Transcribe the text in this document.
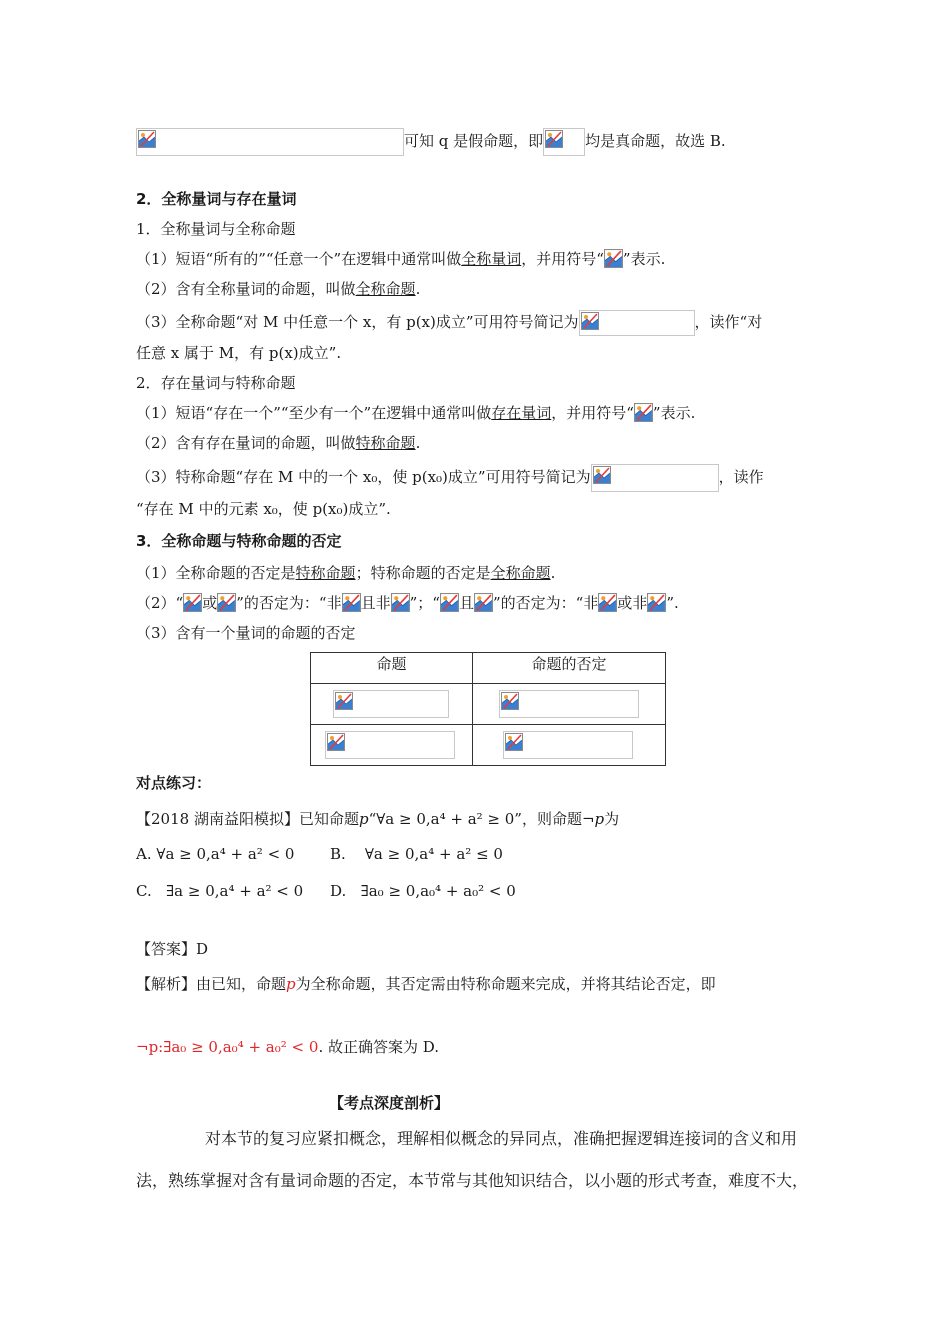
可知 q 是假命题，即	均是真命题，故选 B.
2．全称量词与存在量词
1．全称量词与全称命题
（1）短语“所有的”“任意一个”在逻辑中通常叫做全称量词，并用符号“ ”表示.
（2）含有全称量词的命题，叫做全称命题.
（3）全称命题“对 M 中任意一个 x，有 p(x)成立”可用符号简记为	，读作“对
任意 x 属于 M，有 p(x)成立”.
2．存在量词与特称命题
（1）短语“存在一个”“至少有一个”在逻辑中通常叫做存在量词，并用符号“ ”表示.
（2）含有存在量词的命题，叫做特称命题.
（3）特称命题“存在 M 中的一个 x₀，使 p(x₀)成立”可用符号简记为	，读作
“存在 M 中的元素 x₀，使 p(x₀)成立”.
3．全称命题与特称命题的否定
（1）全称命题的否定是特称命题；特称命题的否定是全称命题.
（2）“ 或 ”的否定为：“非 且非 ”；“ 且 ”的否定为：“非 或非 ”.
（3）含有一个量词的命题的否定
命题	命题的否定

对点练习：
【2018 湖南益阳模拟】已知命题p“∀a ≥ 0,a⁴ + a² ≥ 0”，则命题¬p为
A. ∀a ≥ 0,a⁴ + a² < 0 B. ∀a ≥ 0,a⁴ + a² ≤ 0
C. ∃a ≥ 0,a⁴ + a² < 0 D. ∃a₀ ≥ 0,a₀⁴ + a₀² < 0
【答案】D
【解析】由已知，命题p为全称命题，其否定需由特称命题来完成，并将其结论否定，即
¬p:∃a₀ ≥ 0,a₀⁴ + a₀² < 0. 故正确答案为 D.
【考点深度剖析】
对本节的复习应紧扣概念，理解相似概念的异同点，准确把握逻辑连接词的含义和用
法，熟练掌握对含有量词命题的否定，本节常与其他知识结合，以小题的形式考查，难度不大，
